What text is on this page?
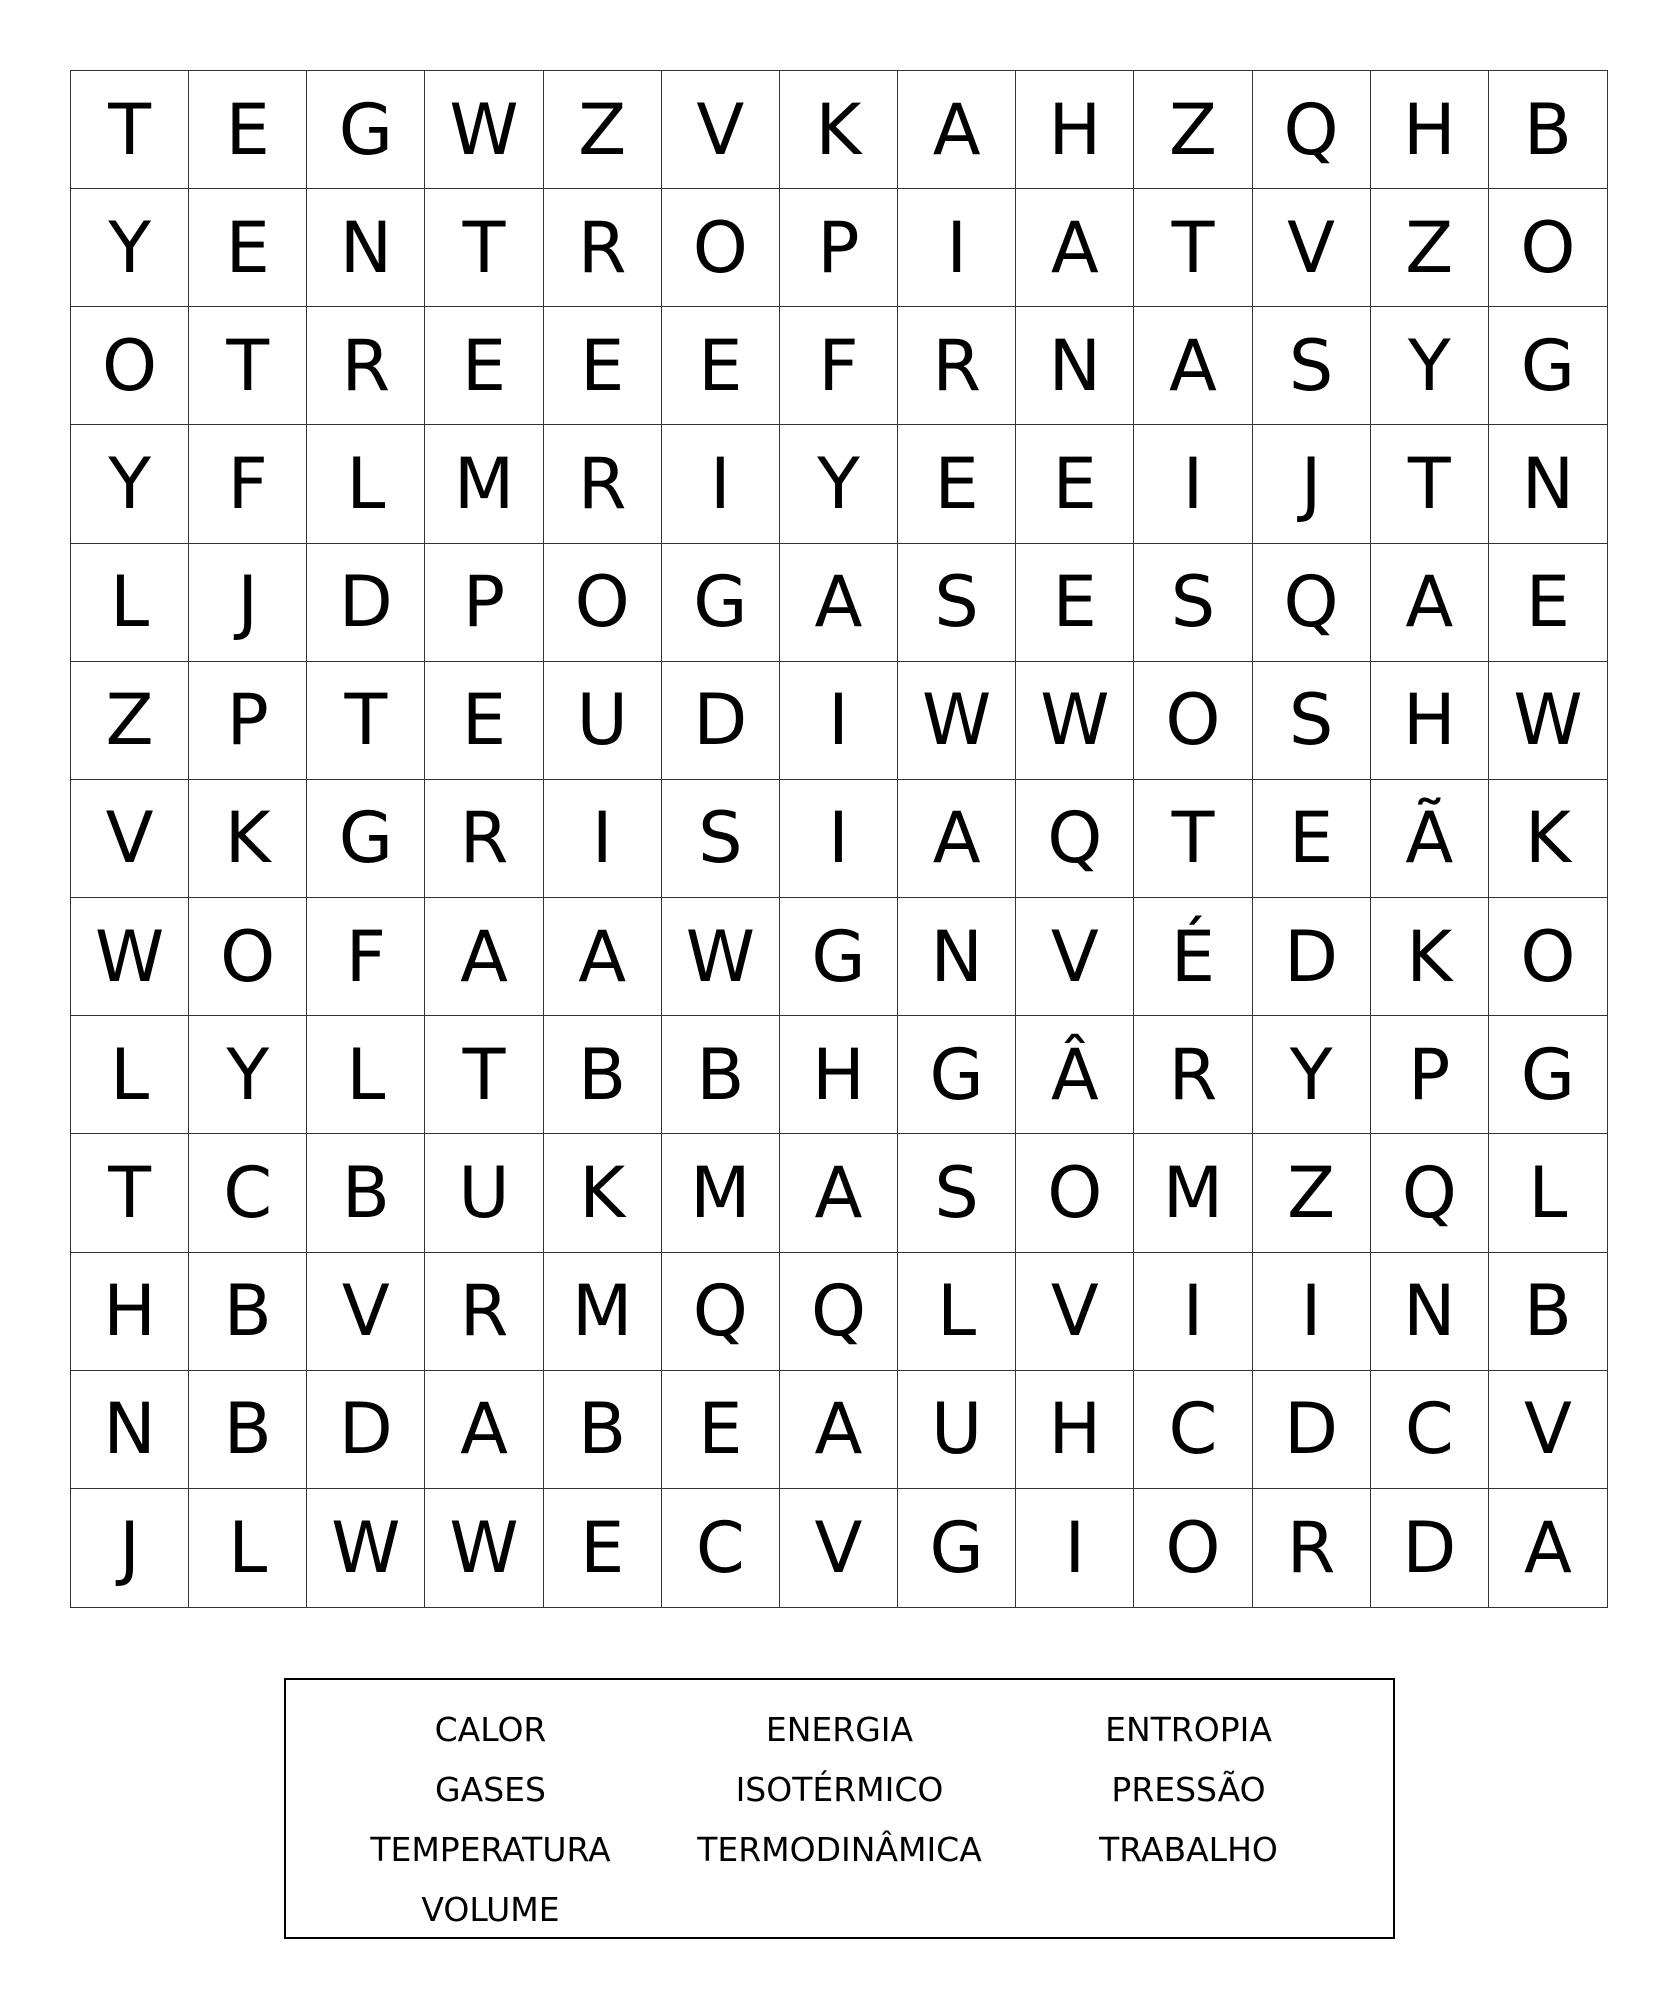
T	E G W Z	V	K	A H Z Q H B
Y	E N	T	R O P	I	A	T	V	Z O
O T	R	E	E	E	F	R N A	S	Y	G
Y	F	L M R	I	Y	E	E	I	J	T	N
L	J	D	P O G A	S	E	S Q A	E
Z	P	T	E	U D	I	W W O S H W
V	K G R	I	S	I	A Q T	E	Ã	K
W O	F	A	A W G N V	É D K O
L	Y	L	T	B	B H G Â R	Y	P	G
T	C B U K M A	S O M Z Q	L
H B	V R M Q Q	L	V	I	I	N B
N B D A	B	E	A U H C D C	V
J	L W W E	C V G	I	O R D A
CALOR	ENERGIA	ENTROPIA
GASES	ISOTÉRMICO	PRESSÃO
TEMPERATURA	TERMODINÂMICA	TRABALHO
VOLUME
